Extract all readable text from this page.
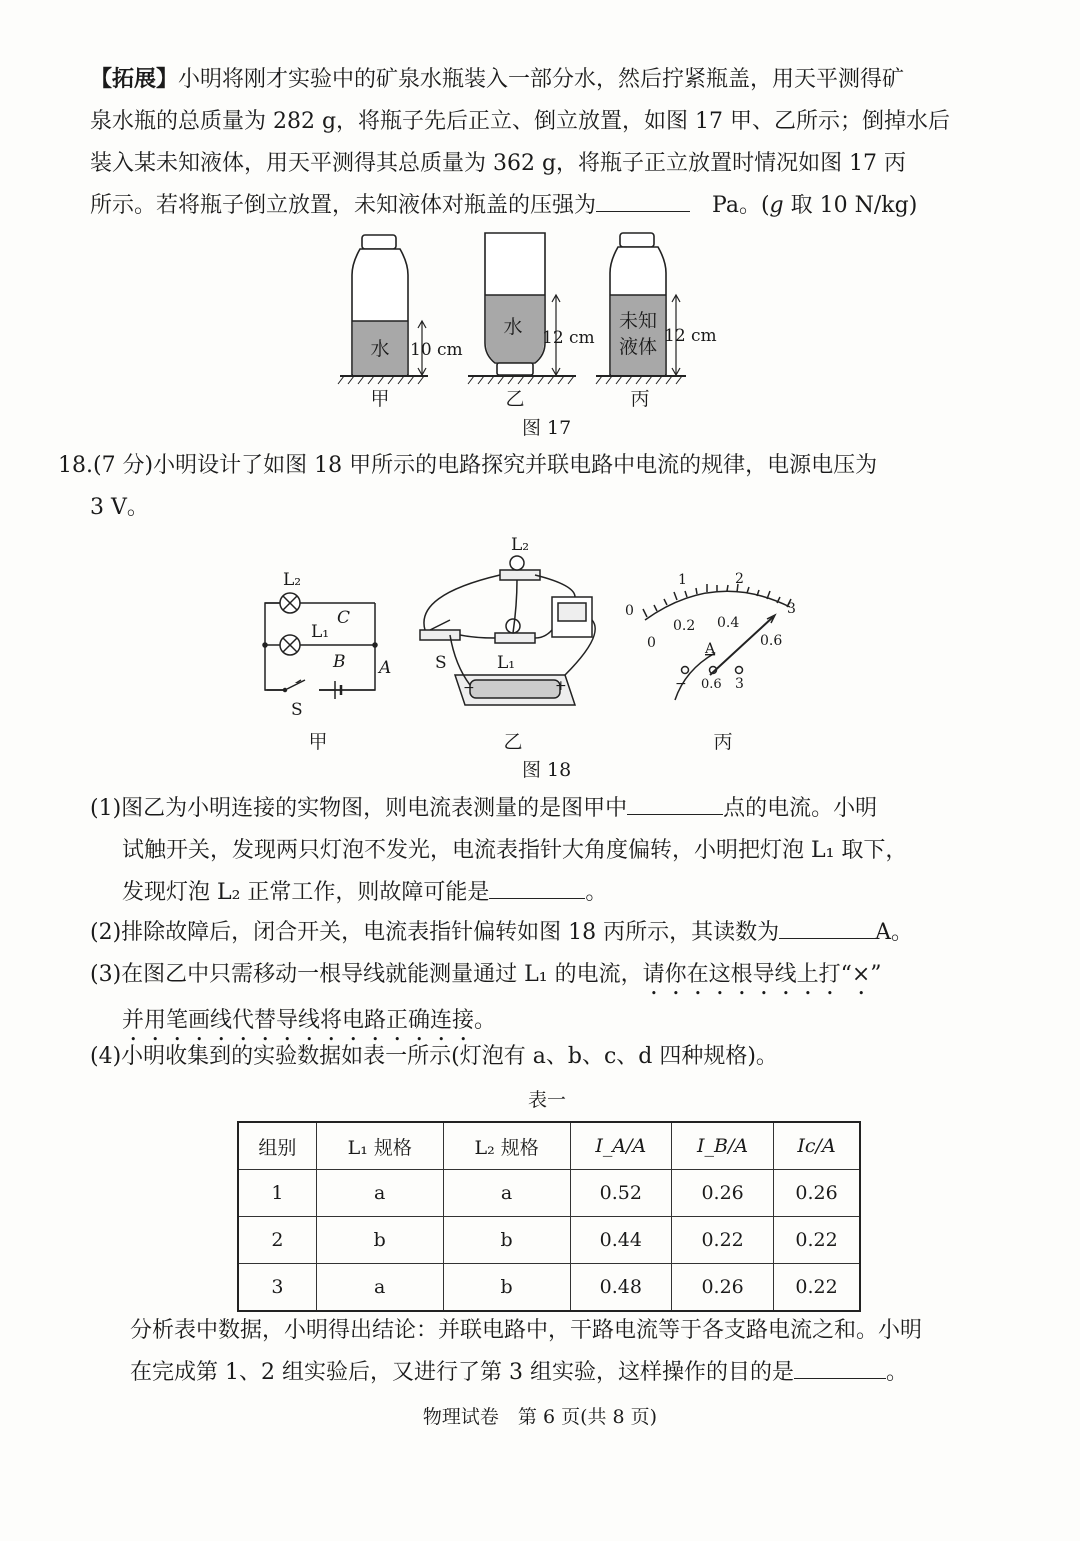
【拓展】小明将刚才实验中的矿泉水瓶装入一部分水，然后拧紧瓶盖，用天平测得矿
泉水瓶的总质量为 282 g，将瓶子先后正立、倒立放置，如图 17 甲、乙所示；倒掉水后
装入某未知液体，用天平测得其总质量为 362 g，将瓶子正立放置时情况如图 17 丙
所示。若将瓶子倒立放置，未知液体对瓶盖的压强为　	Pa。(g 取 10 N/kg)
水 10 cm
水 12 cm
未知
液体 12 cm
甲	乙	丙
图 17
18.(7 分)小明设计了如图 18 甲所示的电路探究并联电路中电流的规律，电源电压为
3 V。
L₂
L₁
C
B A
S
甲
L₂
L₁
S
−	+
乙
0
1	2
3
0
0.2 0.4
0.6
A
− 0.6 3
丙
图 18
(1)图乙为小明连接的实物图，则电流表测量的是图甲中	点的电流。小明
试触开关，发现两只灯泡不发光，电流表指针大角度偏转，小明把灯泡 L₁ 取下，
发现灯泡 L₂ 正常工作，则故障可能是	。
(2)排除故障后，闭合开关，电流表指针偏转如图 18 丙所示，其读数为	A。
(3)在图乙中只需移动一根导线就能测量通过 L₁ 的电流，请你在这根导线上打“×”
并用笔画线代替导线将电路正确连接。
(4)小明收集到的实验数据如表一所示(灯泡有 a、b、c、d 四种规格)。
表一
组别	L₁ 规格	L₂ 规格	I_A/A	I_B/A	Ic/A
1	a	a	0.52	0.26	0.26
2	b	b	0.44	0.22	0.22
3	a	b	0.48	0.26	0.22
分析表中数据，小明得出结论：并联电路中，干路电流等于各支路电流之和。小明
在完成第 1、2 组实验后，又进行了第 3 组实验，这样操作的目的是	。
物理试卷　第 6 页(共 8 页)
